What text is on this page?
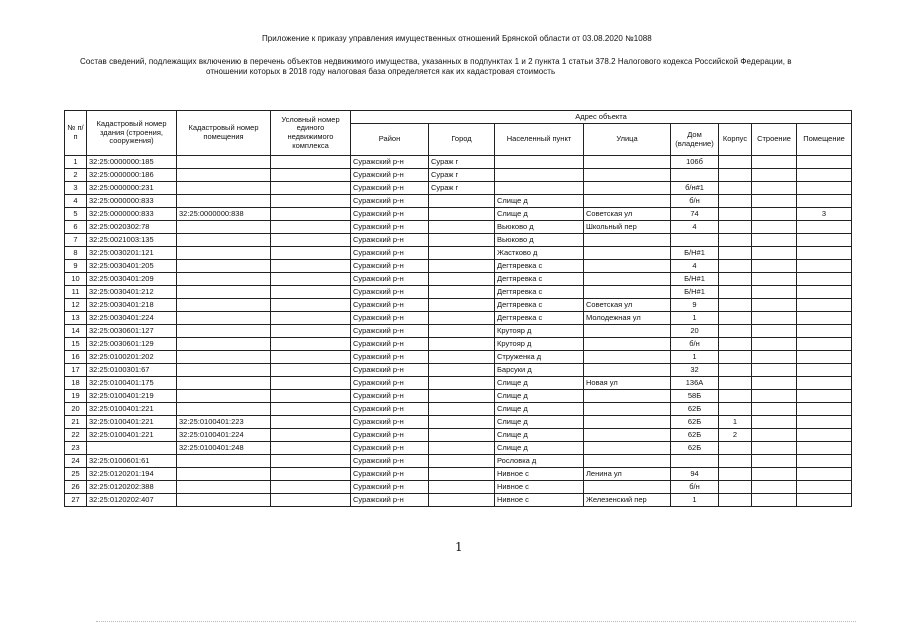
Приложение к приказу управления имущественных отношений Брянской области от 03.08.2020 №1088
Состав сведений, подлежащих включению в перечень объектов недвижимого имущества, указанных в подпунктах 1 и 2 пункта 1 статьи 378.2 Налогового кодекса Российской Федерации, в
отношении которых в 2018 году налоговая база определяется как их кадастровая стоимость
№ п/п	Кадастровый номер здания (строения, сооружения)	Кадастровый номер помещения	Условный номер единого недвижимого комплекса	Адрес объекта							
				Район	Город	Населенный пункт	Улица	Дом (владение)	Корпус	Строение	Помещение
1	32:25:0000000:185			Суражский р-н	Сураж г			106б			
2	32:25:0000000:186			Суражский р-н	Сураж г						
3	32:25:0000000:231			Суражский р-н	Сураж г			б/н#1			
4	32:25:0000000:833			Суражский р-н		Слище д		б/н			
5	32:25:0000000:833	32:25:0000000:838		Суражский р-н		Слище д	Советская ул	74			3
6	32:25:0020302:78			Суражский р-н		Вьюково д	Школьный пер	4			
7	32:25:0021003:135			Суражский р-н		Вьюково д					
8	32:25:0030201:121			Суражский р-н		Жастково д		Б/Н#1			
9	32:25:0030401:205			Суражский р-н		Дегтяревка с		4			
10	32:25:0030401:209			Суражский р-н		Дегтяревка с		Б/Н#1			
11	32:25:0030401:212			Суражский р-н		Дегтяревка с		Б/Н#1			
12	32:25:0030401:218			Суражский р-н		Дегтяревка с	Советская ул	9			
13	32:25:0030401:224			Суражский р-н		Дегтяревка с	Молодежная ул	1			
14	32:25:0030601:127			Суражский р-н		Крутояр д		20			
15	32:25:0030601:129			Суражский р-н		Крутояр д		б/н			
16	32:25:0100201:202			Суражский р-н		Струженка д		1			
17	32:25:0100301:67			Суражский р-н		Барсуки д		32			
18	32:25:0100401:175			Суражский р-н		Слище д	Новая ул	136А			
19	32:25:0100401:219			Суражский р-н		Слище д		58Б			
20	32:25:0100401:221			Суражский р-н		Слище д		62Б			
21	32:25:0100401:221	32:25:0100401:223		Суражский р-н		Слище д		62Б	1		
22	32:25:0100401:221	32:25:0100401:224		Суражский р-н		Слище д		62Б	2		
23		32:25:0100401:248		Суражский р-н		Слище д		62Б			
24	32:25:0100601:61			Суражский р-н		Рословка д					
25	32:25:0120201:194			Суражский р-н		Нивное с	Ленина ул	94			
26	32:25:0120202:388			Суражский р-н		Нивное с		б/н			
27	32:25:0120202:407			Суражский р-н		Нивное с	Железенский пер	1			
1
